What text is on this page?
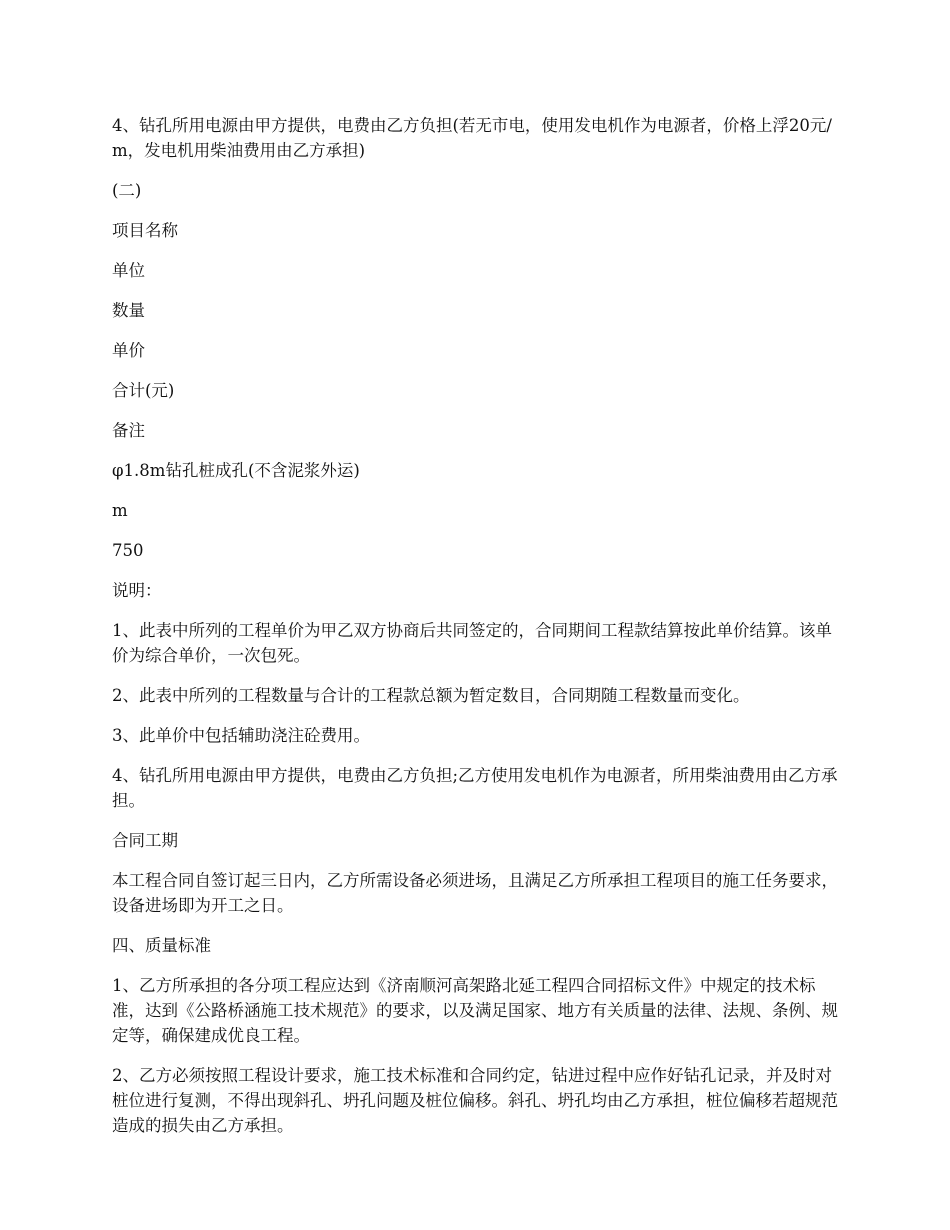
4、钻孔所用电源由甲方提供，电费由乙方负担(若无市电，使用发电机作为电源者，价格上浮20元/m，发电机用柴油费用由乙方承担)

(二)

项目名称

单位

数量

单价

合计(元)

备注

φ1.8m钻孔桩成孔(不含泥浆外运)

m

750

说明：

1、此表中所列的工程单价为甲乙双方协商后共同签定的，合同期间工程款结算按此单价结算。该单价为综合单价，一次包死。

2、此表中所列的工程数量与合计的工程款总额为暂定数目，合同期随工程数量而变化。

3、此单价中包括辅助浇注砼费用。

4、钻孔所用电源由甲方提供，电费由乙方负担;乙方使用发电机作为电源者，所用柴油费用由乙方承担。

合同工期

本工程合同自签订起三日内，乙方所需设备必须进场，且满足乙方所承担工程项目的施工任务要求，设备进场即为开工之日。

四、质量标准

1、乙方所承担的各分项工程应达到《济南顺河高架路北延工程四合同招标文件》中规定的技术标准，达到《公路桥涵施工技术规范》的要求，以及满足国家、地方有关质量的法律、法规、条例、规定等，确保建成优良工程。

2、乙方必须按照工程设计要求，施工技术标准和合同约定，钻进过程中应作好钻孔记录，并及时对桩位进行复测，不得出现斜孔、坍孔问题及桩位偏移。斜孔、坍孔均由乙方承担，桩位偏移若超规范造成的损失由乙方承担。
